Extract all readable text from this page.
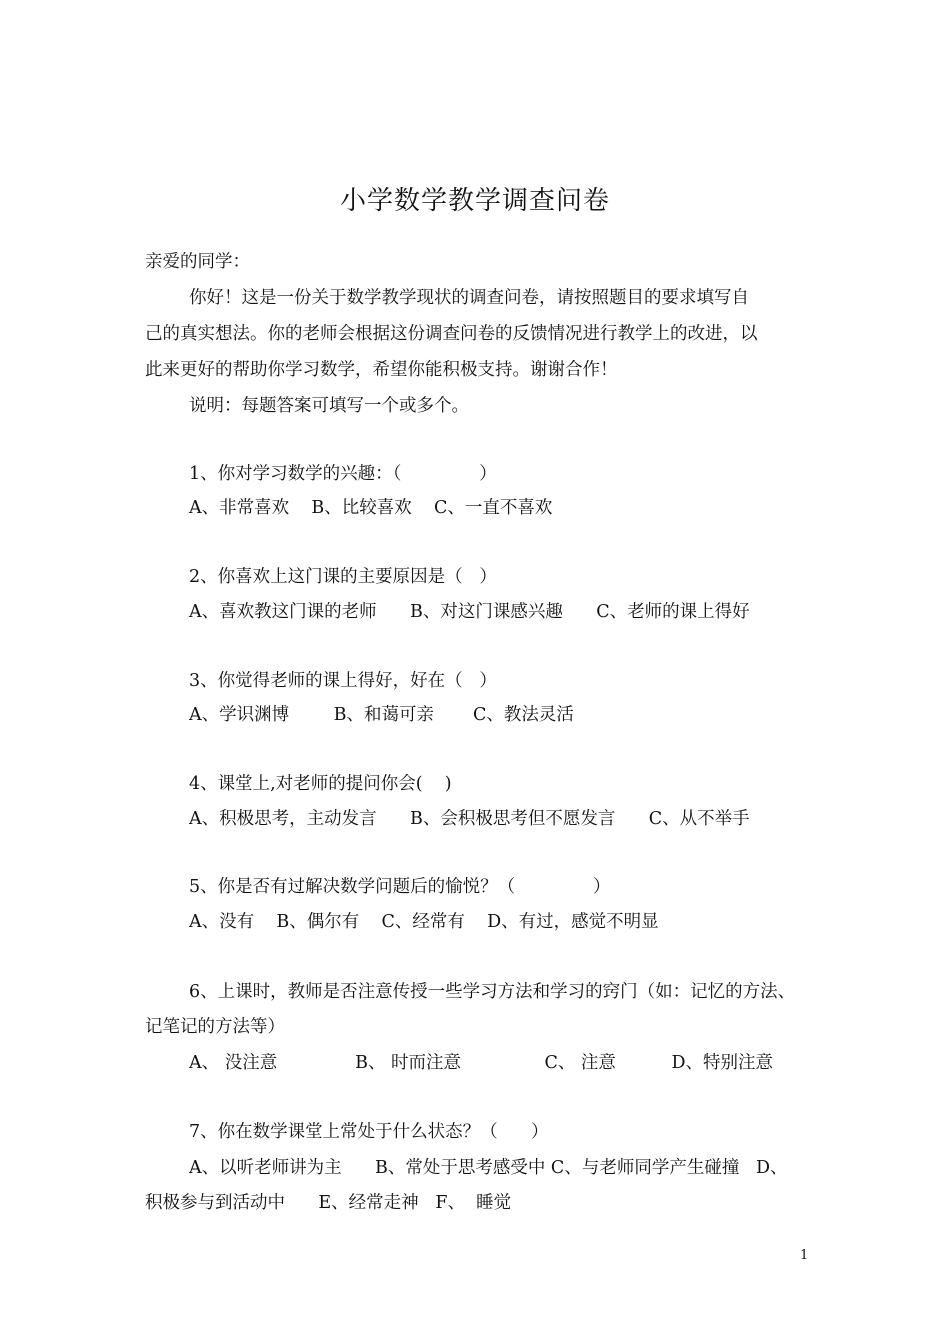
小学数学教学调查问卷
亲爱的同学：
你好！这是一份关于数学教学现状的调查问卷，请按照题目的要求填写自
己的真实想法。你的老师会根据这份调查问卷的反馈情况进行教学上的改进，以
此来更好的帮助你学习数学，希望你能积极支持。谢谢合作！
说明：每题答案可填写一个或多个。
1、你对学习数学的兴趣：（              ）
A、非常喜欢    B、比较喜欢    C、一直不喜欢
2、你喜欢上这门课的主要原因是（   ）
A、喜欢教这门课的老师      B、对这门课感兴趣      C、老师的课上得好
3、你觉得老师的课上得好，好在（   ）
A、学识渊博        B、和蔼可亲       C、教法灵活
4、课堂上,对老师的提问你会(    )
A、积极思考，主动发言      B、会积极思考但不愿发言      C、从不举手
5、你是否有过解决数学问题后的愉悦？（              ）
A、没有    B、偶尔有    C、经常有    D、有过，感觉不明显
6、上课时，教师是否注意传授一些学习方法和学习的窍门（如：记忆的方法、
记笔记的方法等）
A、 没注意              B、 时而注意               C、 注意          D、特别注意
7、你在数学课堂上常处于什么状态？（      ）
A、以听老师讲为主      B、常处于思考感受中 C、与老师同学产生碰撞   D、
积极参与到活动中      E、经常走神   F、  睡觉
1
